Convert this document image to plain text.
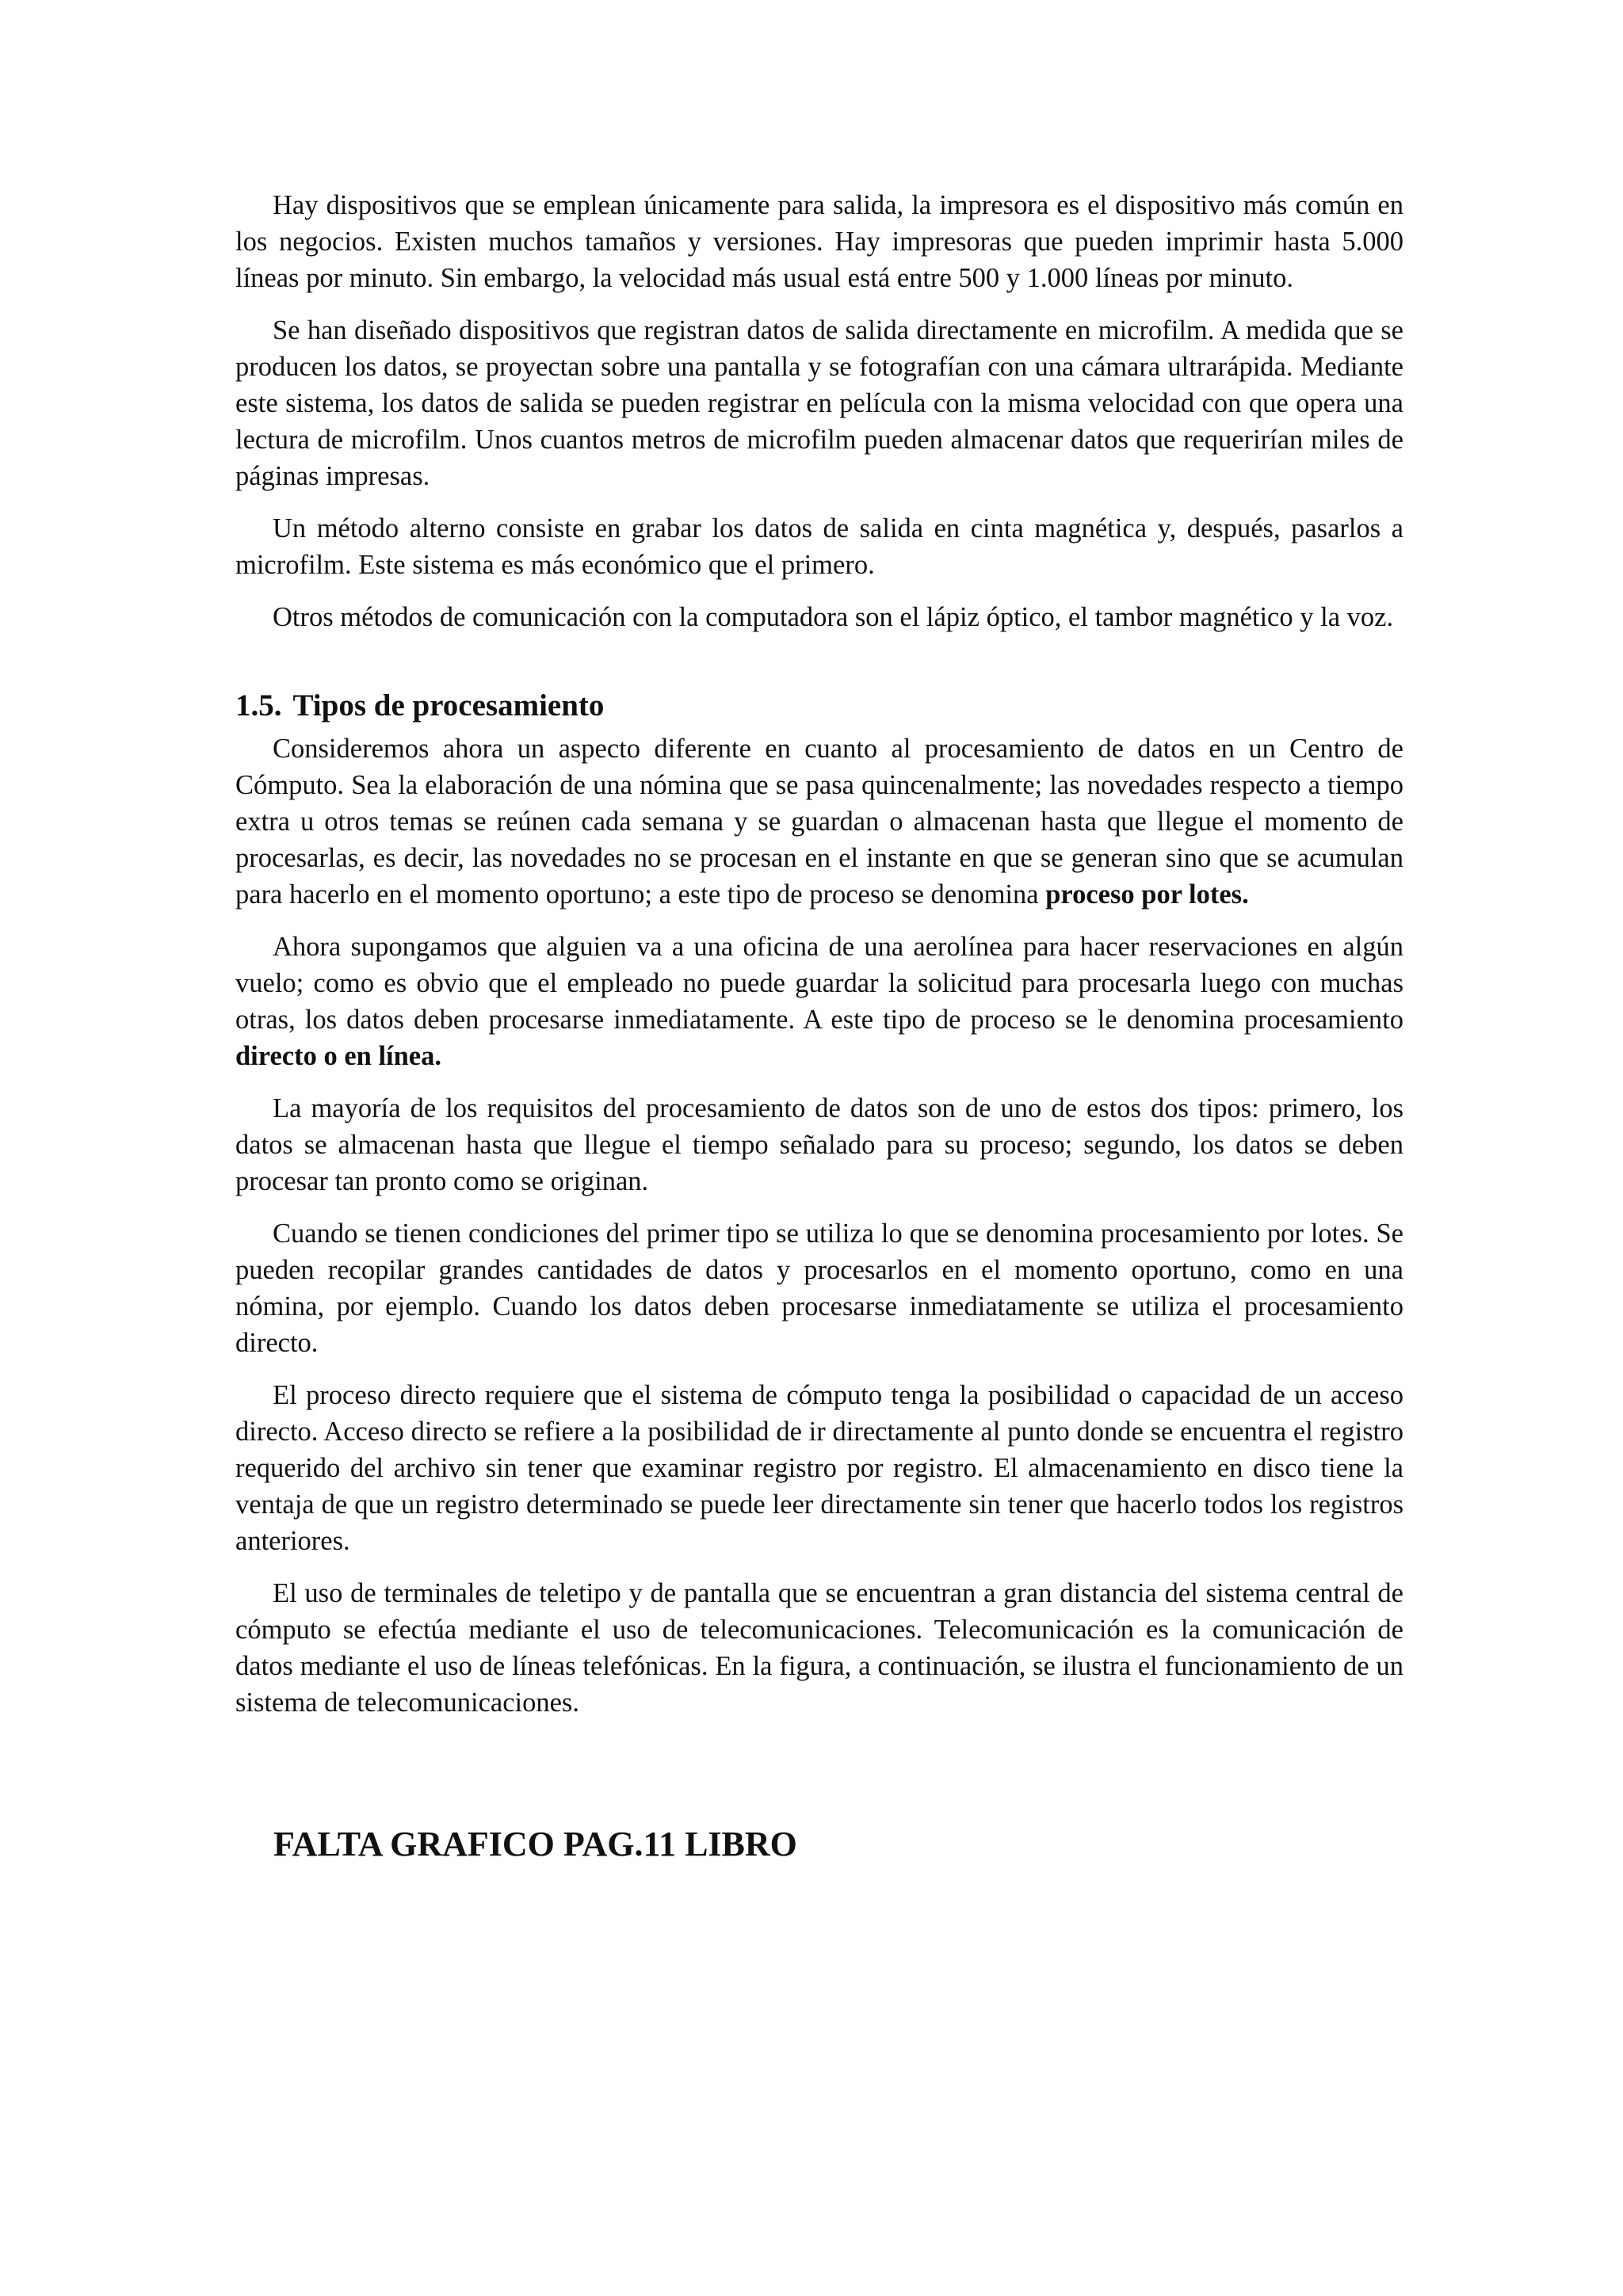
Hay dispositivos que se emplean únicamente para salida, la impresora es el dispositivo más común en los negocios. Existen muchos tamaños y versiones. Hay impresoras que pueden imprimir hasta 5.000 líneas por minuto. Sin embargo, la velocidad más usual está entre 500 y 1.000 líneas por minuto.

Se han diseñado dispositivos que registran datos de salida directamente en microfilm. A medida que se producen los datos, se proyectan sobre una pantalla y se fotografían con una cámara ultrarápida. Mediante este sistema, los datos de salida se pueden registrar en película con la misma velocidad con que opera una lectura de microfilm. Unos cuantos metros de microfilm pueden almacenar datos que requerirían miles de páginas impresas.

Un método alterno consiste en grabar los datos de salida en cinta magnética y, después, pasarlos a microfilm. Este sistema es más económico que el primero.

Otros métodos de comunicación con la computadora son el lápiz óptico, el tambor magnético y la voz.

1.5. Tipos de procesamiento

Consideremos ahora un aspecto diferente en cuanto al procesamiento de datos en un Centro de Cómputo. Sea la elaboración de una nómina que se pasa quincenalmente; las novedades respecto a tiempo extra u otros temas se reúnen cada semana y se guardan o almacenan hasta que llegue el momento de procesarlas, es decir, las novedades no se procesan en el instante en que se generan sino que se acumulan para hacerlo en el momento oportuno; a este tipo de proceso se denomina proceso por lotes.

Ahora supongamos que alguien va a una oficina de una aerolínea para hacer reservaciones en algún vuelo; como es obvio que el empleado no puede guardar la solicitud para procesarla luego con muchas otras, los datos deben procesarse inmediatamente. A este tipo de proceso se le denomina procesamiento directo o en línea.

La mayoría de los requisitos del procesamiento de datos son de uno de estos dos tipos: primero, los datos se almacenan hasta que llegue el tiempo señalado para su proceso; segundo, los datos se deben procesar tan pronto como se originan.

Cuando se tienen condiciones del primer tipo se utiliza lo que se denomina procesamiento por lotes. Se pueden recopilar grandes cantidades de datos y procesarlos en el momento oportuno, como en una nómina, por ejemplo. Cuando los datos deben procesarse inmediatamente se utiliza el procesamiento directo.

El proceso directo requiere que el sistema de cómputo tenga la posibilidad o capacidad de un acceso directo. Acceso directo se refiere a la posibilidad de ir directamente al punto donde se encuentra el registro requerido del archivo sin tener que examinar registro por registro. El almacenamiento en disco tiene la ventaja de que un registro determinado se puede leer directamente sin tener que hacerlo todos los registros anteriores.

El uso de terminales de teletipo y de pantalla que se encuentran a gran distancia del sistema central de cómputo se efectúa mediante el uso de telecomunicaciones. Telecomunicación es la comunicación de datos mediante el uso de líneas telefónicas. En la figura, a continuación, se ilustra el funcionamiento de un sistema de telecomunicaciones.

FALTA GRAFICO PAG.11 LIBRO
